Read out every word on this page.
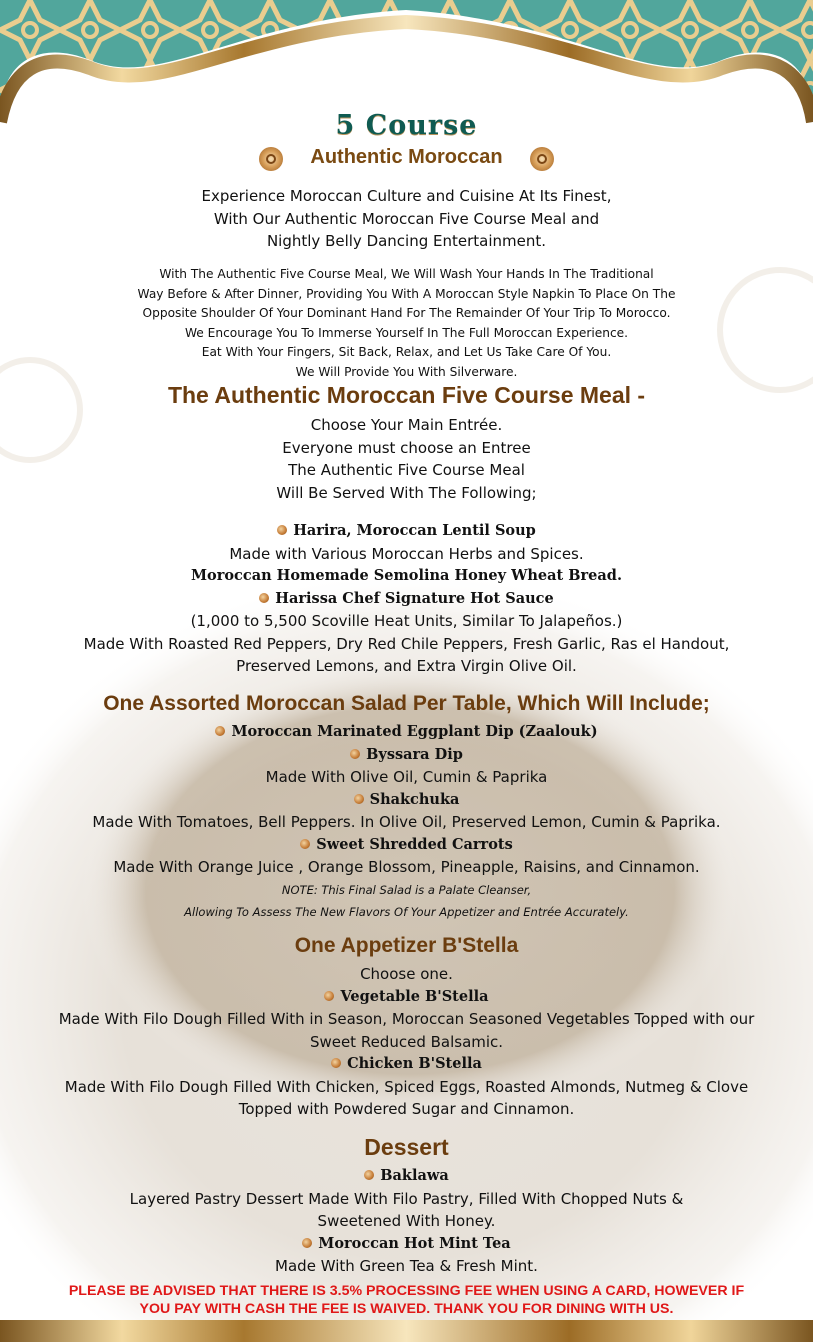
5 Course
Authentic Moroccan
Experience Moroccan Culture and Cuisine At Its Finest,
With Our Authentic Moroccan Five Course Meal and
Nightly Belly Dancing Entertainment.
With The Authentic Five Course Meal, We Will Wash Your Hands In The Traditional
Way Before & After Dinner, Providing You With A Moroccan Style Napkin To Place On The
Opposite Shoulder Of Your Dominant Hand For The Remainder Of Your Trip To Morocco.
We Encourage You To Immerse Yourself In The Full Moroccan Experience.
Eat With Your Fingers, Sit Back, Relax, and Let Us Take Care Of You.
We Will Provide You With Silverware.
The Authentic Moroccan Five Course Meal -
Choose Your Main Entrée.
Everyone must choose an Entree
The Authentic Five Course Meal
Will Be Served With The Following;
Harira, Moroccan Lentil Soup
Made with Various Moroccan Herbs and Spices.
Moroccan Homemade Semolina Honey Wheat Bread.
Harissa Chef Signature Hot Sauce
(1,000 to 5,500 Scoville Heat Units, Similar To Jalapeños.)
Made With Roasted Red Peppers, Dry Red Chile Peppers, Fresh Garlic, Ras el Handout,
Preserved Lemons, and Extra Virgin Olive Oil.
One Assorted Moroccan Salad Per Table, Which Will Include;
Moroccan Marinated Eggplant Dip (Zaalouk)
Byssara Dip
Made With Olive Oil, Cumin & Paprika
Shakchuka
Made With Tomatoes, Bell Peppers. In Olive Oil, Preserved Lemon, Cumin & Paprika.
Sweet Shredded Carrots
Made With Orange Juice , Orange Blossom, Pineapple, Raisins, and Cinnamon.
NOTE: This Final Salad is a Palate Cleanser,
Allowing To Assess The New Flavors Of Your Appetizer and Entrée Accurately.
One Appetizer B'Stella
Choose one.
Vegetable B'Stella
Made With Filo Dough Filled With in Season, Moroccan Seasoned Vegetables Topped with our
Sweet Reduced Balsamic.
Chicken B'Stella
Made With Filo Dough Filled With Chicken, Spiced Eggs, Roasted Almonds, Nutmeg & Clove
Topped with Powdered Sugar and Cinnamon.
Dessert
Baklawa
Layered Pastry Dessert Made With Filo Pastry, Filled With Chopped Nuts &
Sweetened With Honey.
Moroccan Hot Mint Tea
Made With Green Tea & Fresh Mint.
PLEASE BE ADVISED THAT THERE IS 3.5% PROCESSING FEE WHEN USING A CARD, HOWEVER IF
YOU PAY WITH CASH THE FEE IS WAIVED. THANK YOU FOR DINING WITH US.
